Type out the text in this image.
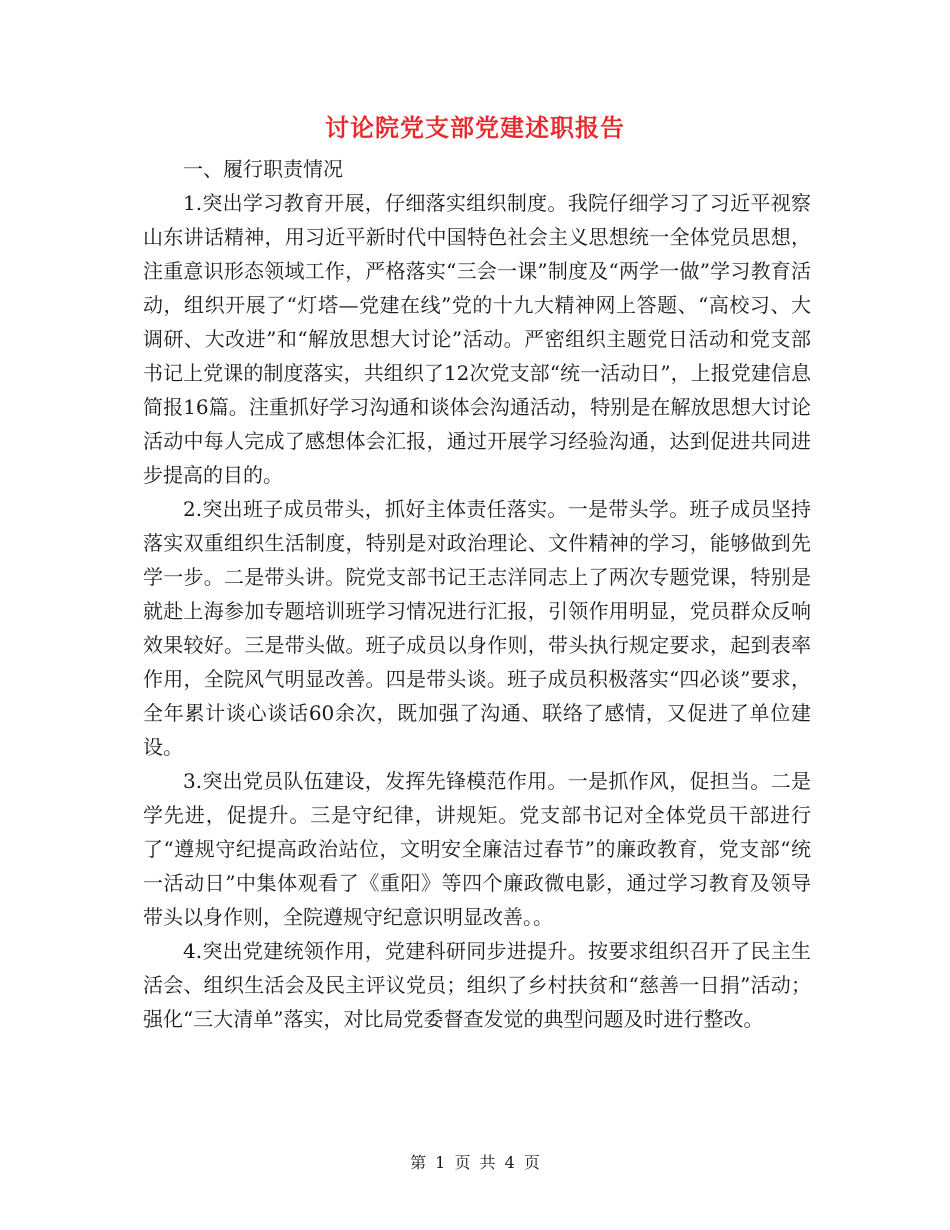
讨论院党支部党建述职报告

一、履行职责情况

1.突出学习教育开展，仔细落实组织制度。我院仔细学习了习近平视察山东讲话精神，用习近平新时代中国特色社会主义思想统一全体党员思想，注重意识形态领域工作，严格落实“三会一课”制度及“两学一做”学习教育活动，组织开展了“灯塔—党建在线”党的十九大精神网上答题、“高校习、大调研、大改进”和“解放思想大讨论”活动。严密组织主题党日活动和党支部书记上党课的制度落实，共组织了12次党支部“统一活动日”，上报党建信息简报16篇。注重抓好学习沟通和谈体会沟通活动，特别是在解放思想大讨论活动中每人完成了感想体会汇报，通过开展学习经验沟通，达到促进共同进步提高的目的。

2.突出班子成员带头，抓好主体责任落实。一是带头学。班子成员坚持落实双重组织生活制度，特别是对政治理论、文件精神的学习，能够做到先学一步。二是带头讲。院党支部书记王志洋同志上了两次专题党课，特别是就赴上海参加专题培训班学习情况进行汇报，引领作用明显，党员群众反响效果较好。三是带头做。班子成员以身作则，带头执行规定要求，起到表率作用，全院风气明显改善。四是带头谈。班子成员积极落实“四必谈”要求，全年累计谈心谈话60余次，既加强了沟通、联络了感情，又促进了单位建设。

3.突出党员队伍建设，发挥先锋模范作用。一是抓作风，促担当。二是学先进，促提升。三是守纪律，讲规矩。党支部书记对全体党员干部进行了“遵规守纪提高政治站位，文明安全廉洁过春节”的廉政教育，党支部“统一活动日”中集体观看了《重阳》等四个廉政微电影，通过学习教育及领导带头以身作则，全院遵规守纪意识明显改善。。

4.突出党建统领作用，党建科研同步进提升。按要求组织召开了民主生活会、组织生活会及民主评议党员；组织了乡村扶贫和“慈善一日捐”活动；强化“三大清单”落实，对比局党委督查发觉的典型问题及时进行整改。

第 1 页 共 4 页
